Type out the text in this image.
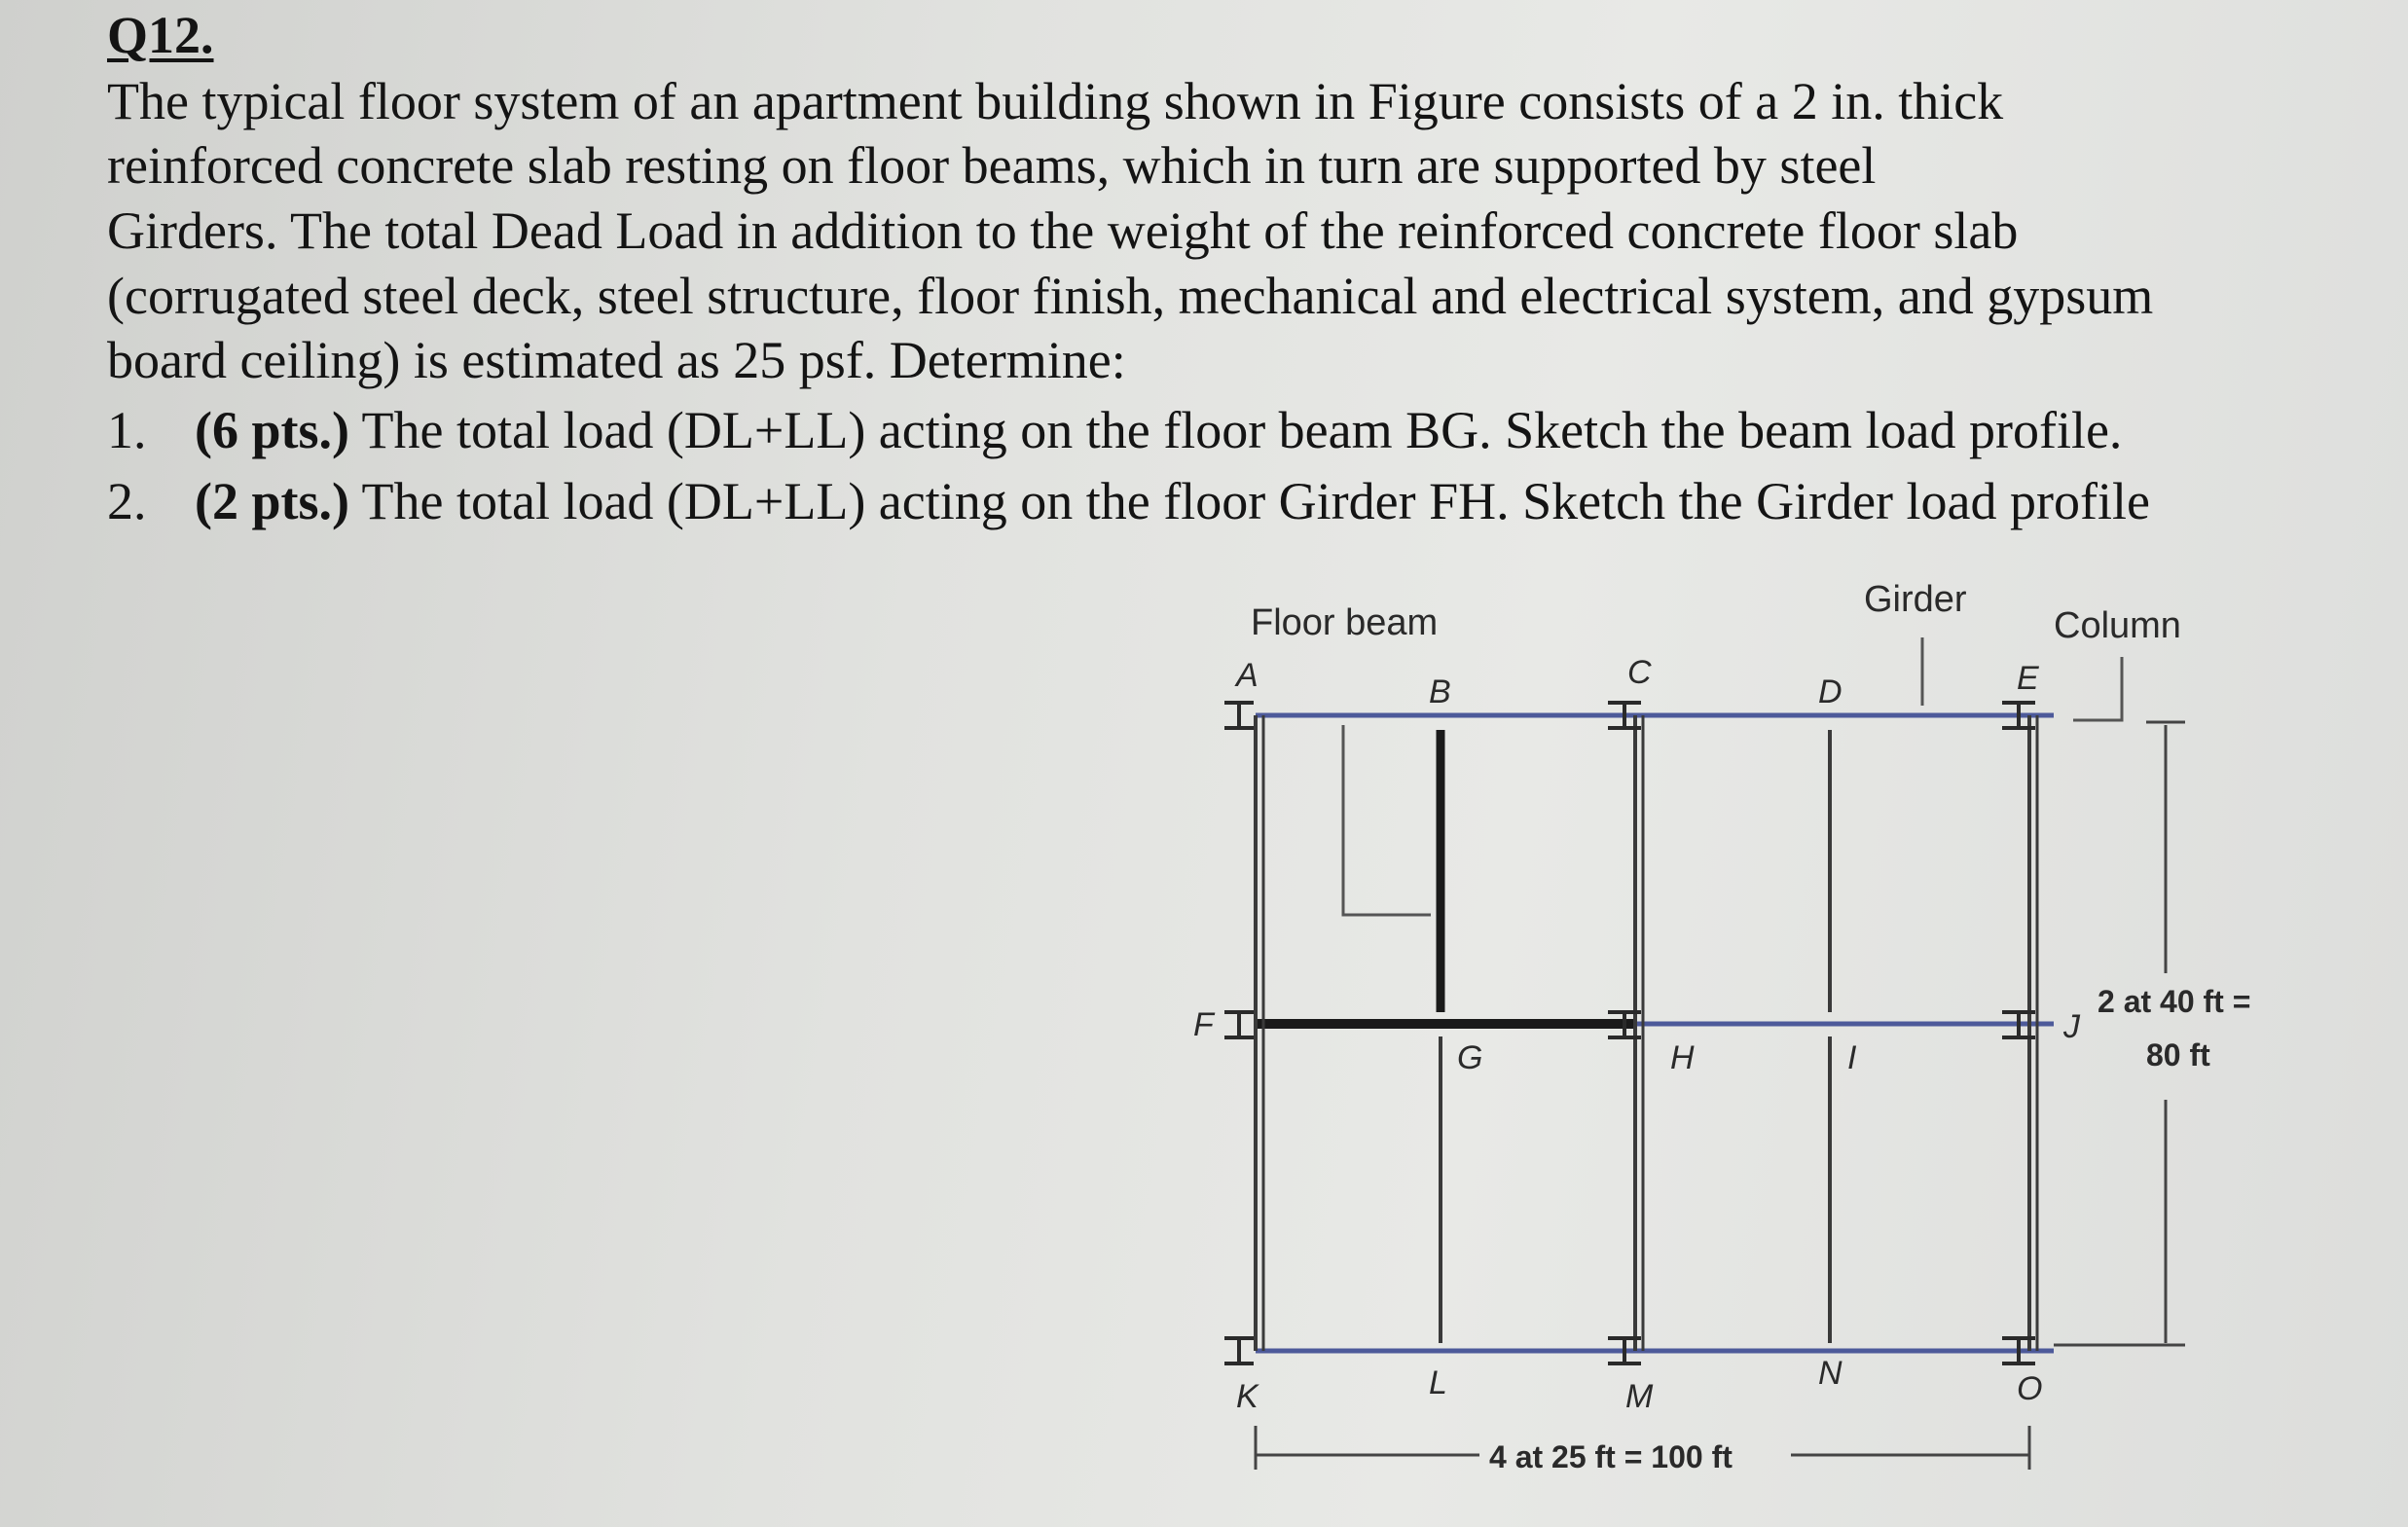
Q12.
The typical floor system of an apartment building shown in Figure consists of a 2 in. thick
reinforced concrete slab resting on floor beams, which in turn are supported by steel
Girders. The total Dead Load in addition to the weight of the reinforced concrete floor slab
(corrugated steel deck, steel structure, floor finish, mechanical and electrical system, and gypsum
board ceiling) is estimated as 25 psf. Determine:
1. (6 pts.) The total load (DL+LL) acting on the floor beam BG. Sketch the beam load profile.
2. (2 pts.) The total load (DL+LL) acting on the floor Girder FH. Sketch the Girder load profile
Floor beam
Girder
Column
A	B
C
D	E
F
G	H	I
J
K	L	M
N	O
4 at 25 ft = 100 ft
2 at 40 ft =
80 ft
